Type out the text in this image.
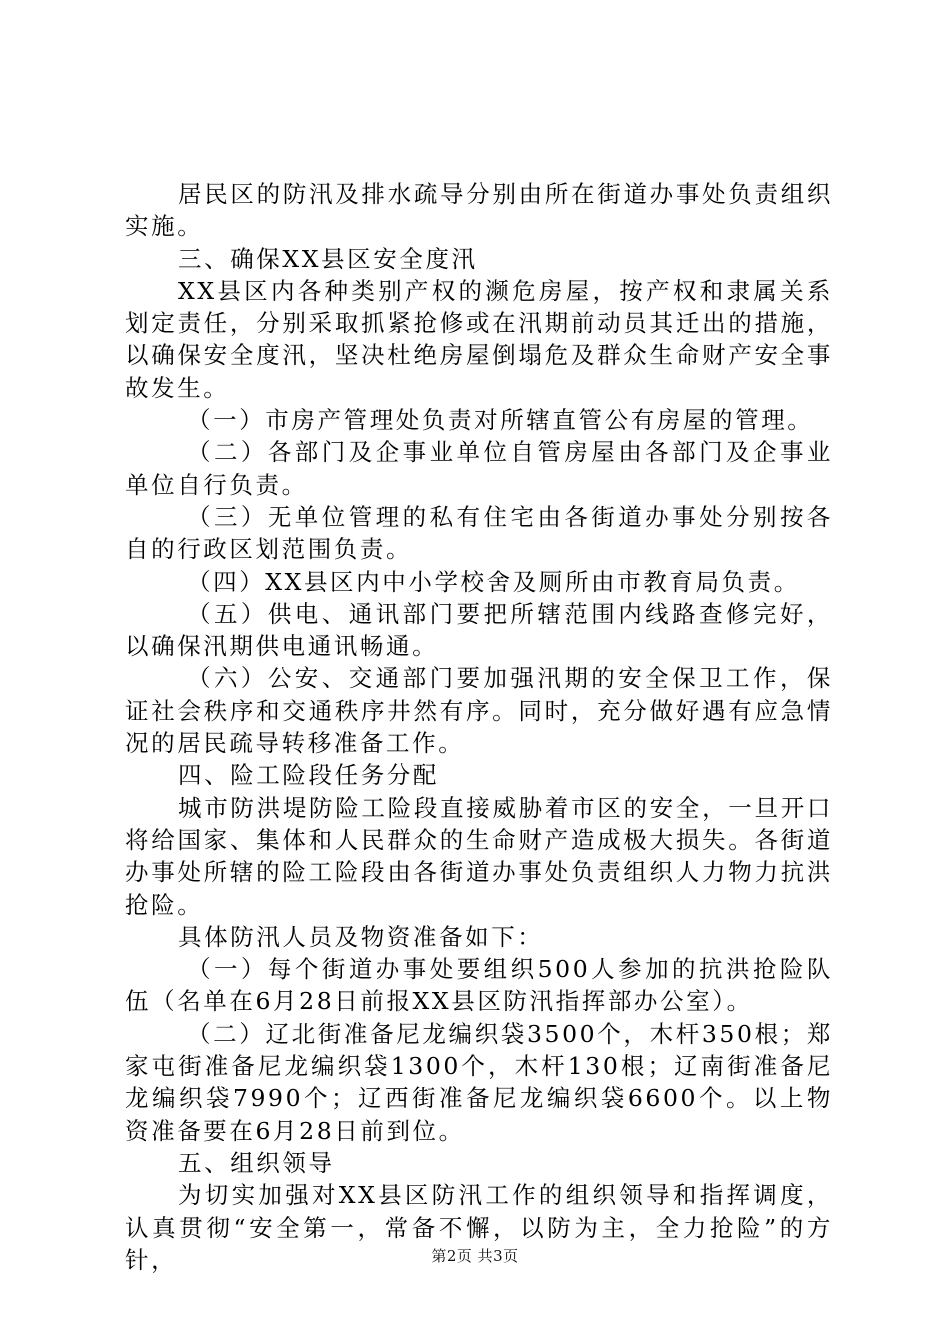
居民区的防汛及排水疏导分别由所在街道办事处负责组织实施。

三、确保XX县区安全度汛

XX县区内各种类别产权的濒危房屋，按产权和隶属关系划定责任，分别采取抓紧抢修或在汛期前动员其迁出的措施，以确保安全度汛，坚决杜绝房屋倒塌危及群众生命财产安全事故发生。

（一）市房产管理处负责对所辖直管公有房屋的管理。

（二）各部门及企事业单位自管房屋由各部门及企事业单位自行负责。

（三）无单位管理的私有住宅由各街道办事处分别按各自的行政区划范围负责。

（四）XX县区内中小学校舍及厕所由市教育局负责。

（五）供电、通讯部门要把所辖范围内线路查修完好，以确保汛期供电通讯畅通。

（六）公安、交通部门要加强汛期的安全保卫工作，保证社会秩序和交通秩序井然有序。同时，充分做好遇有应急情况的居民疏导转移准备工作。

四、险工险段任务分配

城市防洪堤防险工险段直接威胁着市区的安全，一旦开口将给国家、集体和人民群众的生命财产造成极大损失。各街道办事处所辖的险工险段由各街道办事处负责组织人力物力抗洪抢险。

具体防汛人员及物资准备如下：

（一）每个街道办事处要组织500人参加的抗洪抢险队伍（名单在6月28日前报XX县区防汛指挥部办公室）。

（二）辽北街准备尼龙编织袋3500个，木杆350根；郑家屯街准备尼龙编织袋1300个，木杆130根；辽南街准备尼龙编织袋7990个；辽西街准备尼龙编织袋6600个。以上物资准备要在6月28日前到位。

五、组织领导

为切实加强对XX县区防汛工作的组织领导和指挥调度，认真贯彻“安全第一，常备不懈，以防为主，全力抢险”的方针，	第2页 共3页
